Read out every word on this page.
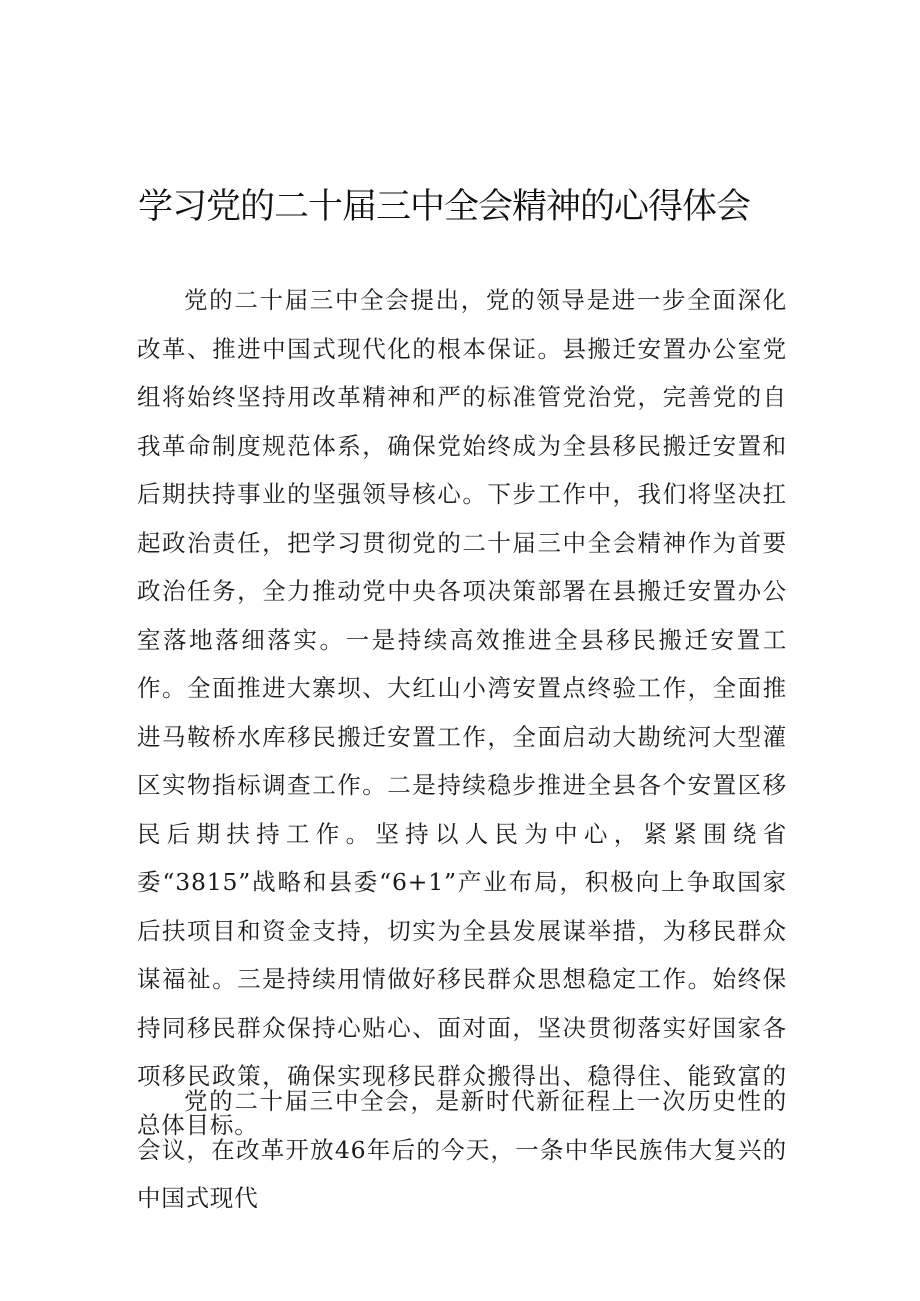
学习党的二十届三中全会精神的心得体会

党的二十届三中全会提出，党的领导是进一步全面深化改革、推进中国式现代化的根本保证。县搬迁安置办公室党组将始终坚持用改革精神和严的标准管党治党，完善党的自我革命制度规范体系，确保党始终成为全县移民搬迁安置和后期扶持事业的坚强领导核心。下步工作中，我们将坚决扛起政治责任，把学习贯彻党的二十届三中全会精神作为首要政治任务，全力推动党中央各项决策部署在县搬迁安置办公室落地落细落实。一是持续高效推进全县移民搬迁安置工作。全面推进大寨坝、大红山小湾安置点终验工作，全面推进马鞍桥水库移民搬迁安置工作，全面启动大勘统河大型灌区实物指标调查工作。二是持续稳步推进全县各个安置区移民后期扶持工作。坚持以人民为中心，紧紧围绕省委“3815”战略和县委“6+1”产业布局，积极向上争取国家后扶项目和资金支持，切实为全县发展谋举措，为移民群众谋福祉。三是持续用情做好移民群众思想稳定工作。始终保持同移民群众保持心贴心、面对面，坚决贯彻落实好国家各项移民政策，确保实现移民群众搬得出、稳得住、能致富的总体目标。

党的二十届三中全会，是新时代新征程上一次历史性的会议，在改革开放46年后的今天，一条中华民族伟大复兴的中国式现代
